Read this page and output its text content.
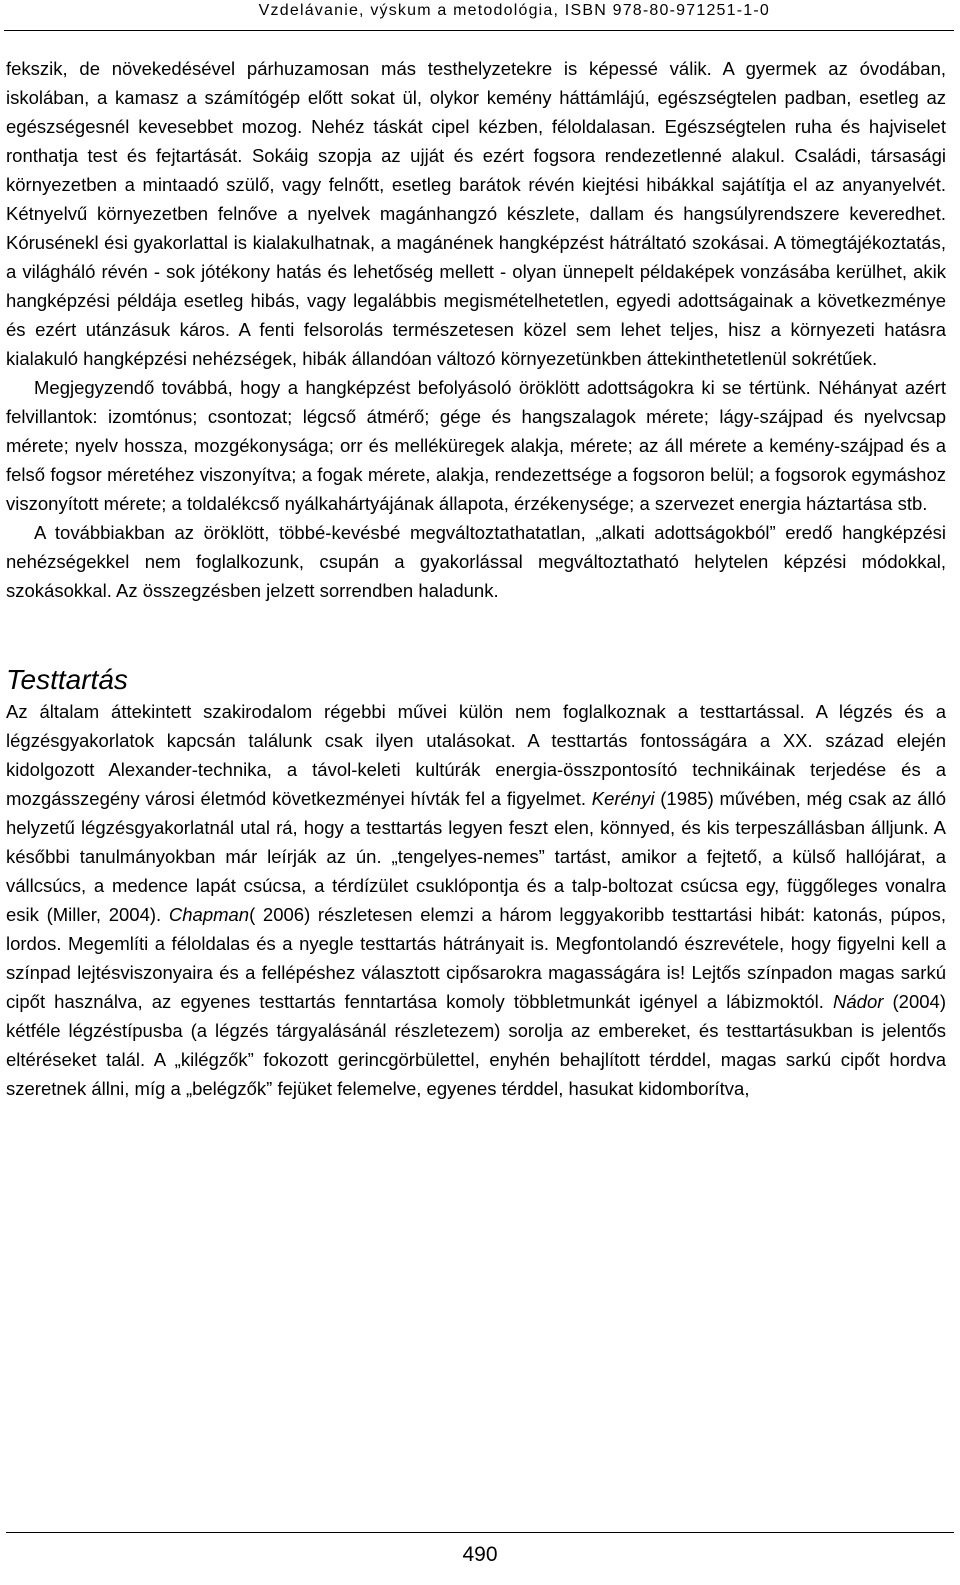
Vzdelávanie, výskum a metodológia, ISBN 978-80-971251-1-0

fekszik, de növekedésével párhuzamosan más testhelyzetekre is képessé válik. A gyermek az óvodában, iskolában, a kamasz a számítógép előtt sokat ül, olykor kemény háttámlájú, egészségtelen padban, esetleg az egészségesnél kevesebbet mozog. Nehéz táskát cipel kézben, féloldalasan. Egészségtelen ruha és hajviselet ronthatja test és fejtartását. Sokáig szopja az ujját és ezért fogsora rendezetlenné alakul. Családi, társasági környezetben a mintaadó szülő, vagy felnőtt, esetleg barátok révén kiejtési hibákkal sajátítja el az anyanyelvét. Kétnyelvű környezetben felnőve a nyelvek magánhangzó készlete, dallam és hangsúlyrendszere keveredhet. Kórusénekl ési gyakorlattal is kialakulhatnak, a magánének hangképzést hátráltató szokásai. A tömegtájékoztatás, a világháló révén - sok jótékony hatás és lehetőség mellett - olyan ünnepelt példaképek vonzásába kerülhet, akik hangképzési példája esetleg hibás, vagy legalábbis megismételhetetlen, egyedi adottságainak a következménye és ezért utánzásuk káros. A fenti felsorolás természetesen közel sem lehet teljes, hisz a környezeti hatásra kialakuló hangképzési nehézségek, hibák állandóan változó környezetünkben áttekinthetetlenül sokrétűek.

Megjegyzendő továbbá, hogy a hangképzést befolyásoló öröklött adottságokra ki se tértünk. Néhányat azért felvillantok: izomtónus; csontozat; légcső átmérő; gége és hangszalagok mérete; lágy-szájpad és nyelvcsap mérete; nyelv hossza, mozgékonysága; orr és melléküregek alakja, mérete; az áll mérete a kemény-szájpad és a felső fogsor méretéhez viszonyítva; a fogak mérete, alakja, rendezettsége a fogsoron belül; a fogsorok egymáshoz viszonyított mérete; a toldalékcső nyálkahártyájának állapota, érzékenysége; a szervezet energia háztartása stb.

A továbbiakban az öröklött, többé-kevésbé megváltoztathatatlan, „alkati adottságokból” eredő hangképzési nehézségekkel nem foglalkozunk, csupán a gyakorlással megváltoztatható helytelen képzési módokkal, szokásokkal. Az összegzésben jelzett sorrendben haladunk.

Testtartás

Az általam áttekintett szakirodalom régebbi művei külön nem foglalkoznak a testtartással. A légzés és a légzésgyakorlatok kapcsán találunk csak ilyen utalásokat. A testtartás fontosságára a XX. század elején kidolgozott Alexander-technika, a távol-keleti kultúrák energia-összpontosító technikáinak terjedése és a mozgásszegény városi életmód következményei hívták fel a figyelmet. Kerényi (1985) művében, még csak az álló helyzetű légzésgyakorlatnál utal rá, hogy a testtartás legyen feszt elen, könnyed, és kis terpeszállásban álljunk. A későbbi tanulmányokban már leírják az ún. „tengelyes-nemes” tartást, amikor a fejtető, a külső hallójárat, a vállcsúcs, a medence lapát csúcsa, a térdízület csuklópontja és a talp-boltozat csúcsa egy, függőleges vonalra esik (Miller, 2004). Chapman( 2006) részletesen elemzi a három leggyakoribb testtartási hibát: katonás, púpos, lordos. Megemlíti a féloldalas és a nyegle testtartás hátrányait is. Megfontolandó észrevétele, hogy figyelni kell a színpad lejtésviszonyaira és a fellépéshez választott cipősarokra magasságára is! Lejtős színpadon magas sarkú cipőt használva, az egyenes testtartás fenntartása komoly többletmunkát igényel a lábizmoktól. Nádor (2004) kétféle légzéstípusba (a légzés tárgyalásánál részletezem) sorolja az embereket, és testtartásukban is jelentős eltéréseket talál. A „kilégzők” fokozott gerincgörbülettel, enyhén behajlított térddel, magas sarkú cipőt hordva szeretnek állni, míg a „belégzők” fejüket felemelve, egyenes térddel, hasukat kidomborítva,

490
